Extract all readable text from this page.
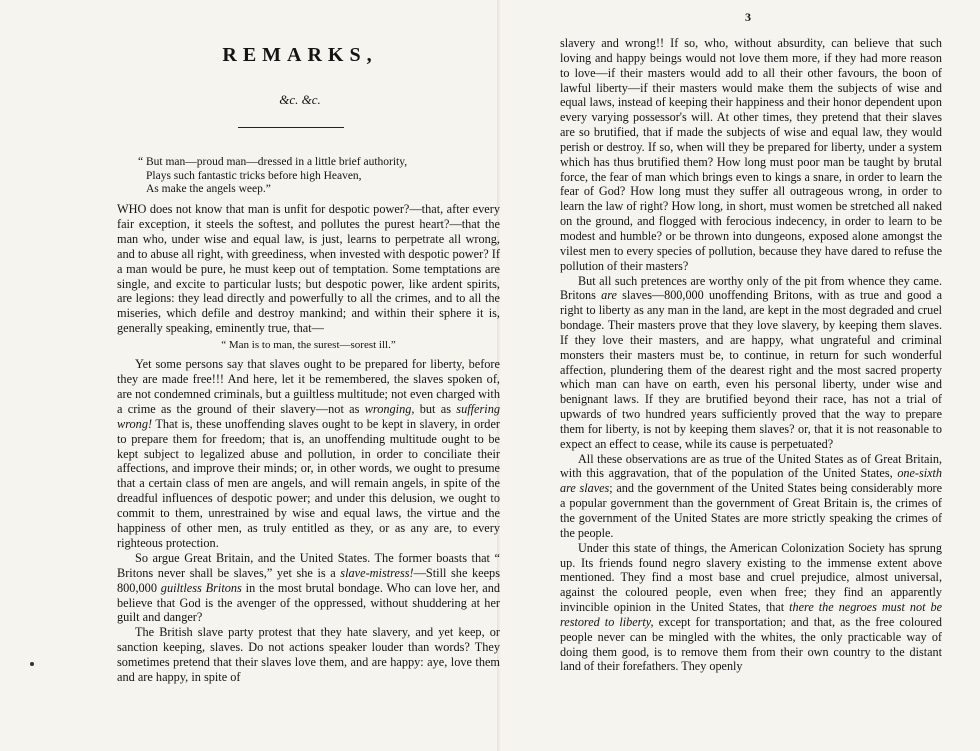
REMARKS,
&c. &c.
“ But man—proud man—dressed in a little brief authority,
Plays such fantastic tricks before high Heaven,
As make the angels weep.”

WHO does not know that man is unfit for despotic power?—that, after every fair exception, it steels the softest, and pollutes the purest heart?—that the man who, under wise and equal law, is just, learns to perpetrate all wrong, and to abuse all right, with greediness, when invested with despotic power? If a man would be pure, he must keep out of temptation. Some temptations are single, and excite to particular lusts; but despotic power, like ardent spirits, are legions: they lead directly and powerfully to all the crimes, and to all the miseries, which defile and destroy mankind; and within their sphere it is, generally speaking, eminently true, that—

“ Man is to man, the surest—sorest ill.”

Yet some persons say that slaves ought to be prepared for liberty, before they are made free!!! And here, let it be remembered, the slaves spoken of, are not condemned criminals, but a guiltless multitude; not even charged with a crime as the ground of their slavery—not as wronging, but as suffering wrong! That is, these unoffending slaves ought to be kept in slavery, in order to prepare them for freedom; that is, an unoffending multitude ought to be kept subject to legalized abuse and pollution, in order to conciliate their affections, and improve their minds; or, in other words, we ought to presume that a certain class of men are angels, and will remain angels, in spite of the dreadful influences of despotic power; and under this delusion, we ought to commit to them, unrestrained by wise and equal laws, the virtue and the happiness of other men, as truly entitled as they, or as any are, to every righteous protection.

So argue Great Britain, and the United States. The former boasts that “ Britons never shall be slaves,” yet she is a slave-mistress!—Still she keeps 800,000 guiltless Britons in the most brutal bondage. Who can love her, and believe that God is the avenger of the oppressed, without shuddering at her guilt and danger?

The British slave party protest that they hate slavery, and yet keep, or sanction keeping, slaves. Do not actions speaker louder than words? They sometimes pretend that their slaves love them, and are happy: aye, love them and are happy, in spite of

3

slavery and wrong!! If so, who, without absurdity, can believe that such loving and happy beings would not love them more, if they had more reason to love—if their masters would add to all their other favours, the boon of lawful liberty—if their masters would make them the subjects of wise and equal laws, instead of keeping their happiness and their honor dependent upon every varying possessor's will. At other times, they pretend that their slaves are so brutified, that if made the subjects of wise and equal law, they would perish or destroy. If so, when will they be prepared for liberty, under a system which has thus brutified them? How long must poor man be taught by brutal force, the fear of man which brings even to kings a snare, in order to learn the fear of God? How long must they suffer all outrageous wrong, in order to learn the law of right? How long, in short, must women be stretched all naked on the ground, and flogged with ferocious indecency, in order to learn to be modest and humble? or be thrown into dungeons, exposed alone amongst the vilest men to every species of pollution, because they have dared to refuse the pollution of their masters?

But all such pretences are worthy only of the pit from whence they came. Britons are slaves—800,000 unoffending Britons, with as true and good a right to liberty as any man in the land, are kept in the most degraded and cruel bondage. Their masters prove that they love slavery, by keeping them slaves. If they love their masters, and are happy, what ungrateful and criminal monsters their masters must be, to continue, in return for such wonderful affection, plundering them of the dearest right and the most sacred property which man can have on earth, even his personal liberty, under wise and benignant laws. If they are brutified beyond their race, has not a trial of upwards of two hundred years sufficiently proved that the way to prepare them for liberty, is not by keeping them slaves? or, that it is not reasonable to expect an effect to cease, while its cause is perpetuated?

All these observations are as true of the United States as of Great Britain, with this aggravation, that of the population of the United States, one-sixth are slaves; and the government of the United States being considerably more a popular government than the government of Great Britain is, the crimes of the government of the United States are more strictly speaking the crimes of the people.

Under this state of things, the American Colonization Society has sprung up. Its friends found negro slavery existing to the immense extent above mentioned. They find a most base and cruel prejudice, almost universal, against the coloured people, even when free; they find an apparently invincible opinion in the United States, that there the negroes must not be restored to liberty, except for transportation; and that, as the free coloured people never can be mingled with the whites, the only practicable way of doing them good, is to remove them from their own country to the distant land of their forefathers. They openly
